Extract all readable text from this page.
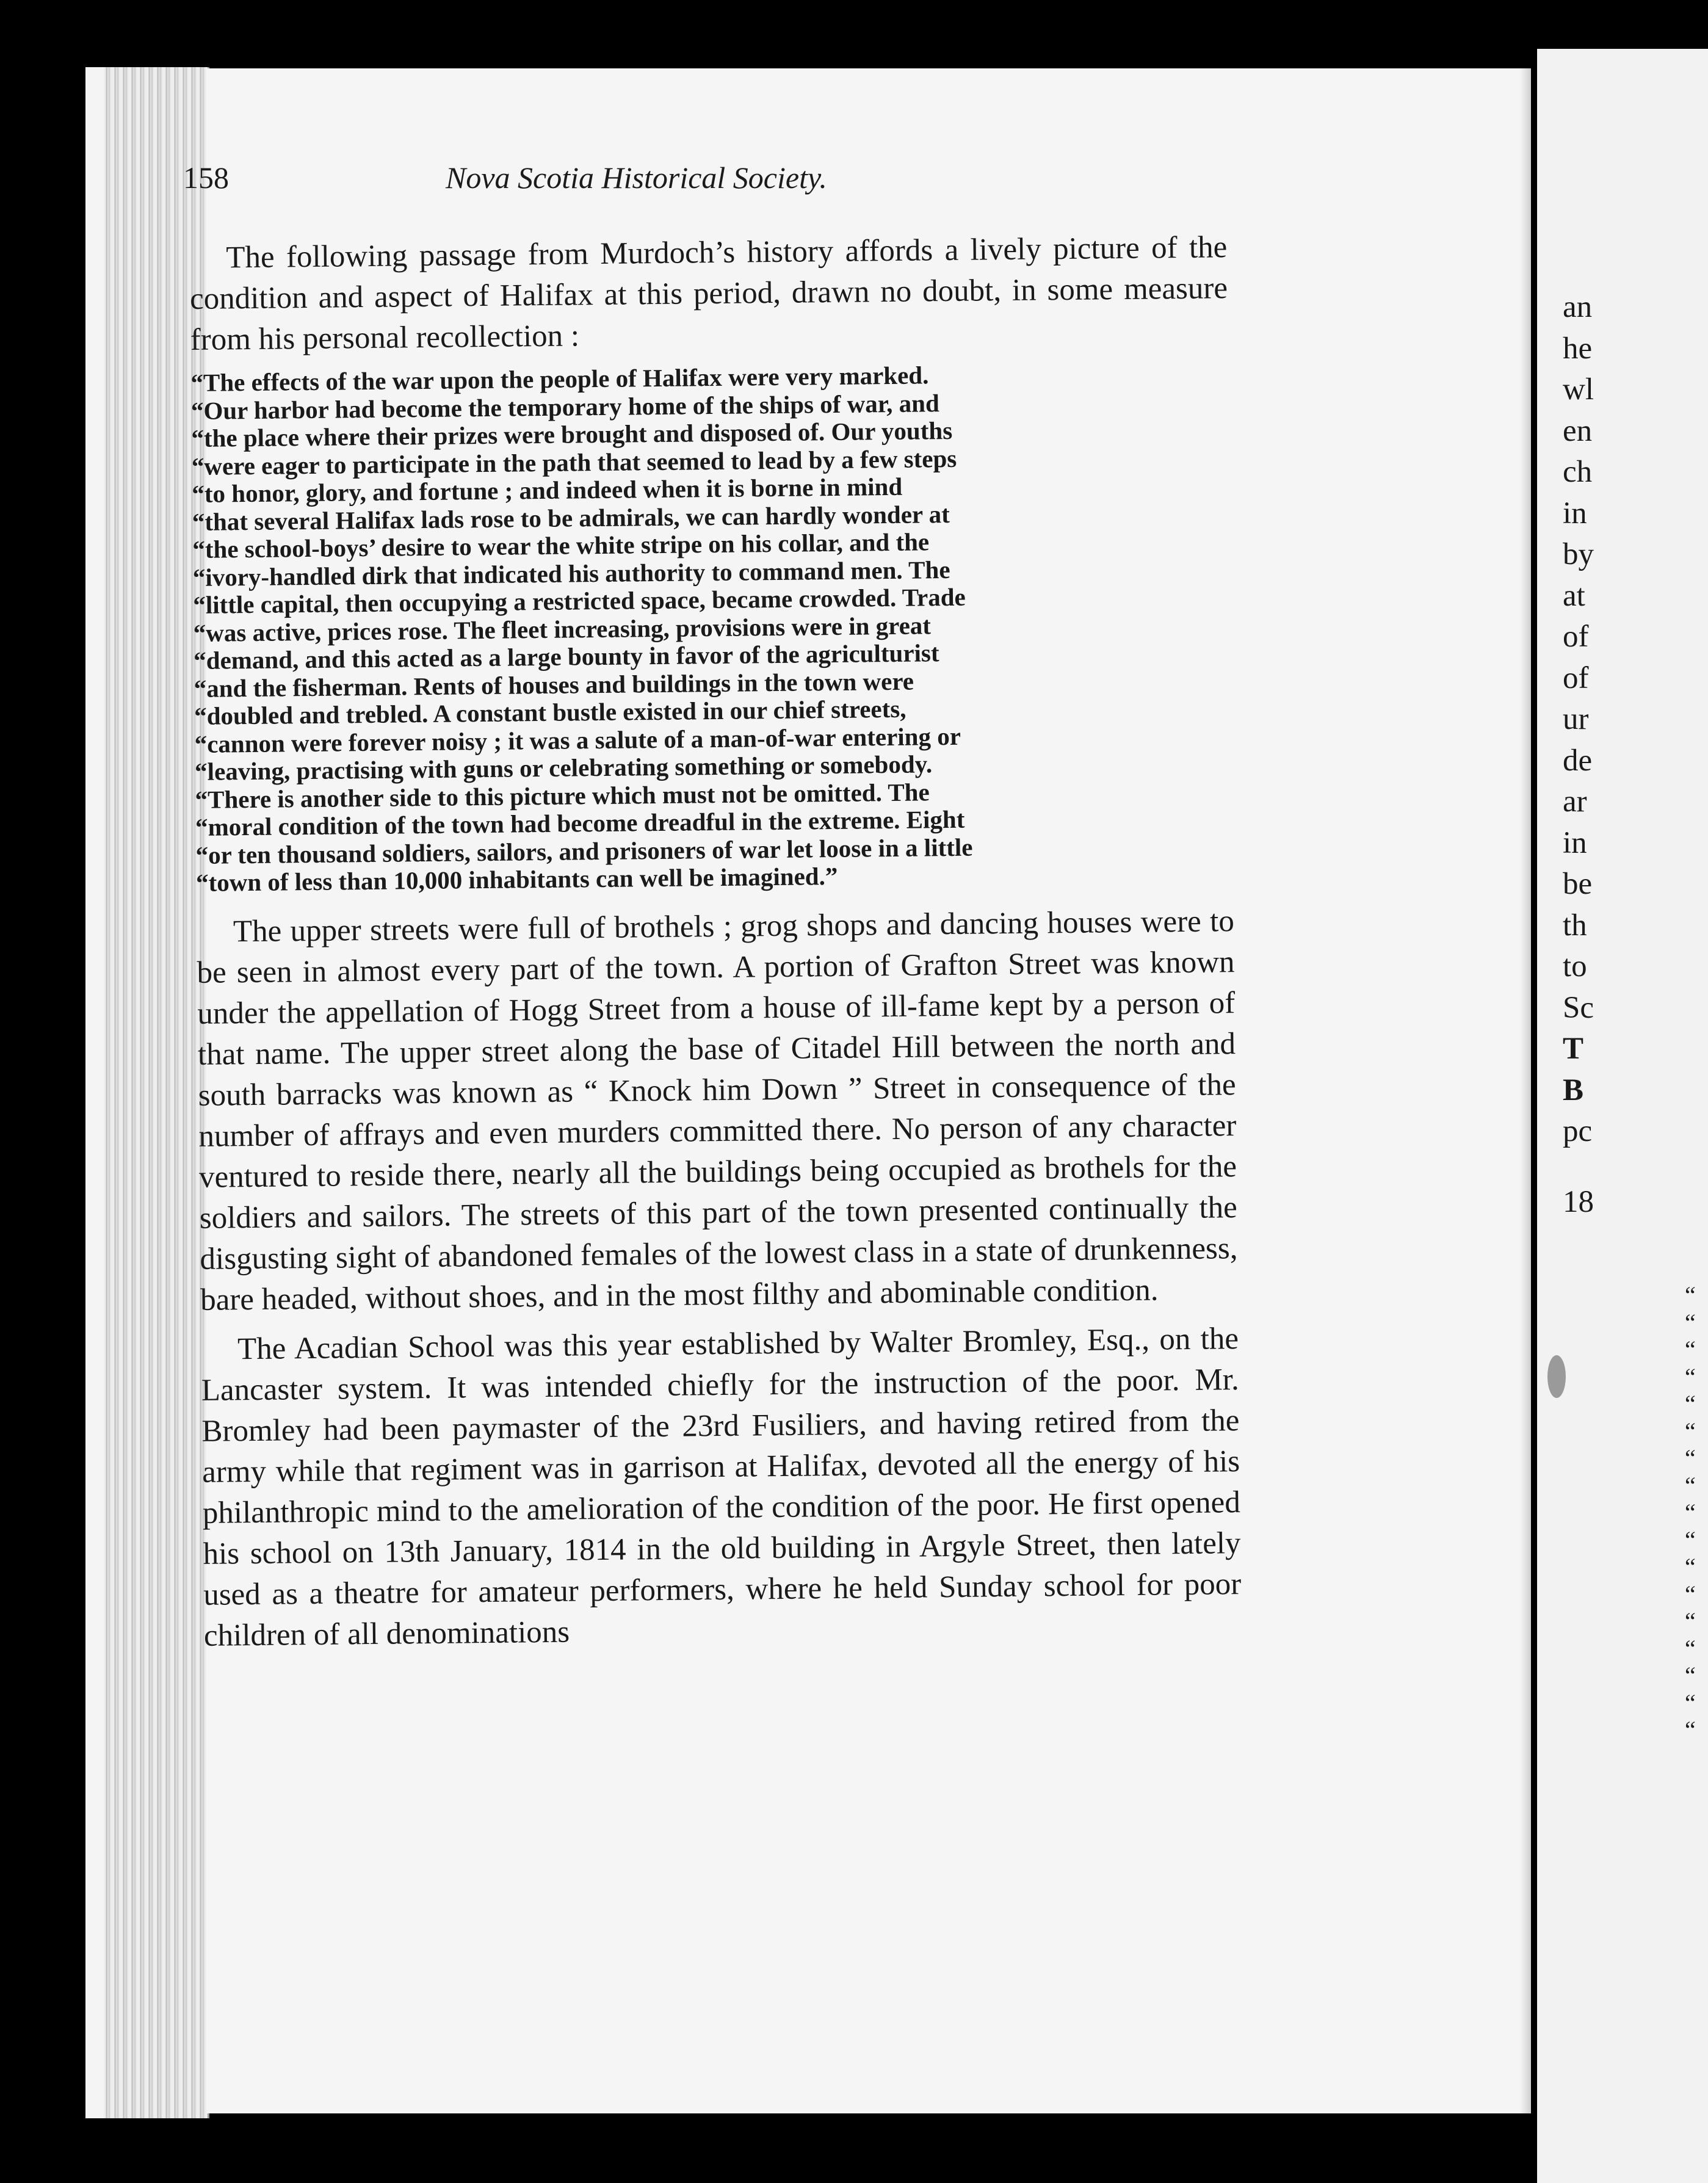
158	Nova Scotia Historical Society.

The following passage from Murdoch’s history affords a lively picture of the condition and aspect of Halifax at this period, drawn no doubt, in some measure from his personal recollection :

“The effects of the war upon the people of Halifax were very marked.

“Our harbor had become the temporary home of the ships of war, and

“the place where their prizes were brought and disposed of. Our youths

“were eager to participate in the path that seemed to lead by a few steps

“to honor, glory, and fortune ; and indeed when it is borne in mind

“that several Halifax lads rose to be admirals, we can hardly wonder at

“the school-boys’ desire to wear the white stripe on his collar, and the

“ivory-handled dirk that indicated his authority to command men. The

“little capital, then occupying a restricted space, became crowded. Trade

“was active, prices rose. The fleet increasing, provisions were in great

“demand, and this acted as a large bounty in favor of the agriculturist

“and the fisherman. Rents of houses and buildings in the town were

“doubled and trebled. A constant bustle existed in our chief streets,

“cannon were forever noisy ; it was a salute of a man-of-war entering or

“leaving, practising with guns or celebrating something or somebody.

“There is another side to this picture which must not be omitted. The

“moral condition of the town had become dreadful in the extreme. Eight

“or ten thousand soldiers, sailors, and prisoners of war let loose in a little

“town of less than 10,000 inhabitants can well be imagined.”

The upper streets were full of brothels ; grog shops and dancing houses were to be seen in almost every part of the town. A portion of Grafton Street was known under the appellation of Hogg Street from a house of ill-fame kept by a person of that name. The upper street along the base of Citadel Hill between the north and south barracks was known as “ Knock him Down ” Street in consequence of the number of affrays and even murders committed there. No person of any character ventured to reside there, nearly all the buildings being occupied as brothels for the soldiers and sailors. The streets of this part of the town presented continually the disgusting sight of abandoned females of the lowest class in a state of drunkenness, bare headed, without shoes, and in the most filthy and abominable condition.

The Acadian School was this year established by Walter Bromley, Esq., on the Lancaster system. It was intended chiefly for the instruction of the poor. Mr. Bromley had been paymaster of the 23rd Fusiliers, and having retired from the army while that regiment was in garrison at Halifax, devoted all the energy of his philanthropic mind to the amelioration of the condition of the poor. He first opened his school on 13th January, 1814 in the old building in Argyle Street, then lately used as a theatre for amateur performers, where he held Sunday school for poor children of all denominations

an

he

wl

en

ch

in

by

at

of

of

ur

de

ar

in

be

th

to

Sc

T

B

pc

18

“

“

“

“

“

“

“

“

“

“

“

“

“

“

“

“

“
